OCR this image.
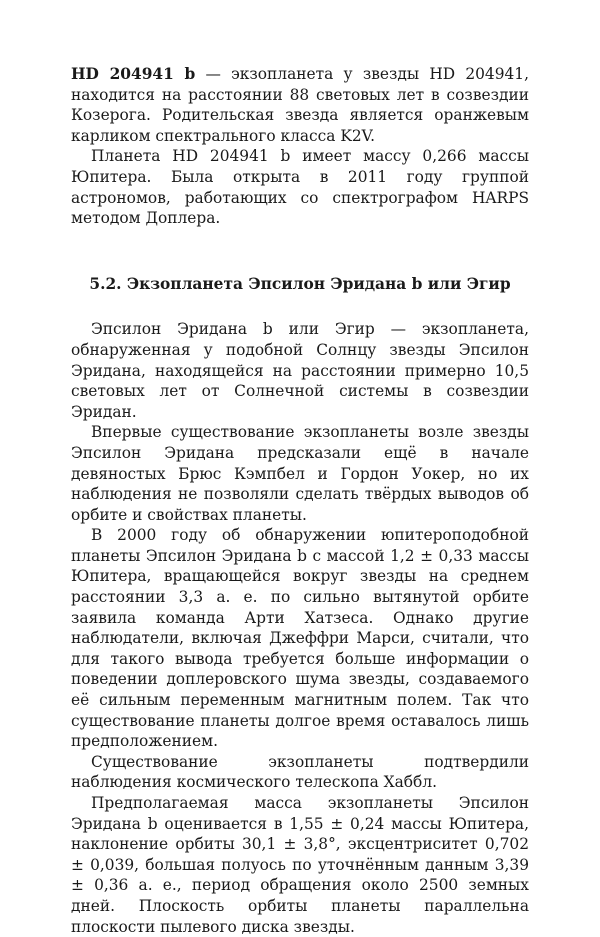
HD 204941 b — экзопланета у звезды HD 204941, находится на расстоянии 88 световых лет в созвездии Козерога. Родительская звезда является оранжевым карликом спектрального класса K2V.

Планета HD 204941 b имеет массу 0,266 массы Юпитера. Была открыта в 2011 году группой астрономов, работающих со спектрографом HARPS методом Доплера.

5.2. Экзопланета Эпсилон Эридана b или Эгир

Эпсилон Эридана b или Эгир — экзопланета, обнаруженная у подобной Солнцу звезды Эпсилон Эридана, находящейся на расстоянии примерно 10,5 световых лет от Солнечной системы в созвездии Эридан.

Впервые существование экзопланеты возле звезды Эпсилон Эридана предсказали ещё в начале девяностых Брюс Кэмпбел и Гордон Уокер, но их наблюдения не позволяли сделать твёрдых выводов об орбите и свойствах планеты.

В 2000 году об обнаружении юпитероподобной планеты Эпсилон Эридана b с массой 1,2 ± 0,33 массы Юпитера, вращающейся вокруг звезды на среднем расстоянии 3,3 а. е. по сильно вытянутой орбите заявила команда Арти Хатзеса. Однако другие наблюдатели, включая Джеффри Марси, считали, что для такого вывода требуется больше информации о поведении доплеровского шума звезды, создаваемого её сильным переменным магнитным полем. Так что существование планеты долгое время оставалось лишь предположением.

Существование экзопланеты подтвердили наблюдения космического телескопа Хаббл.

Предполагаемая масса экзопланеты Эпсилон Эридана b оценивается в 1,55 ± 0,24 массы Юпитера, наклонение орбиты 30,1 ± 3,8°, эксцентриситет 0,702 ± 0,039, большая полуось по уточнённым данным 3,39 ± 0,36 а. е., период обращения около 2500 земных дней. Плоскость орбиты планеты параллельна плоскости пылевого диска звезды.
